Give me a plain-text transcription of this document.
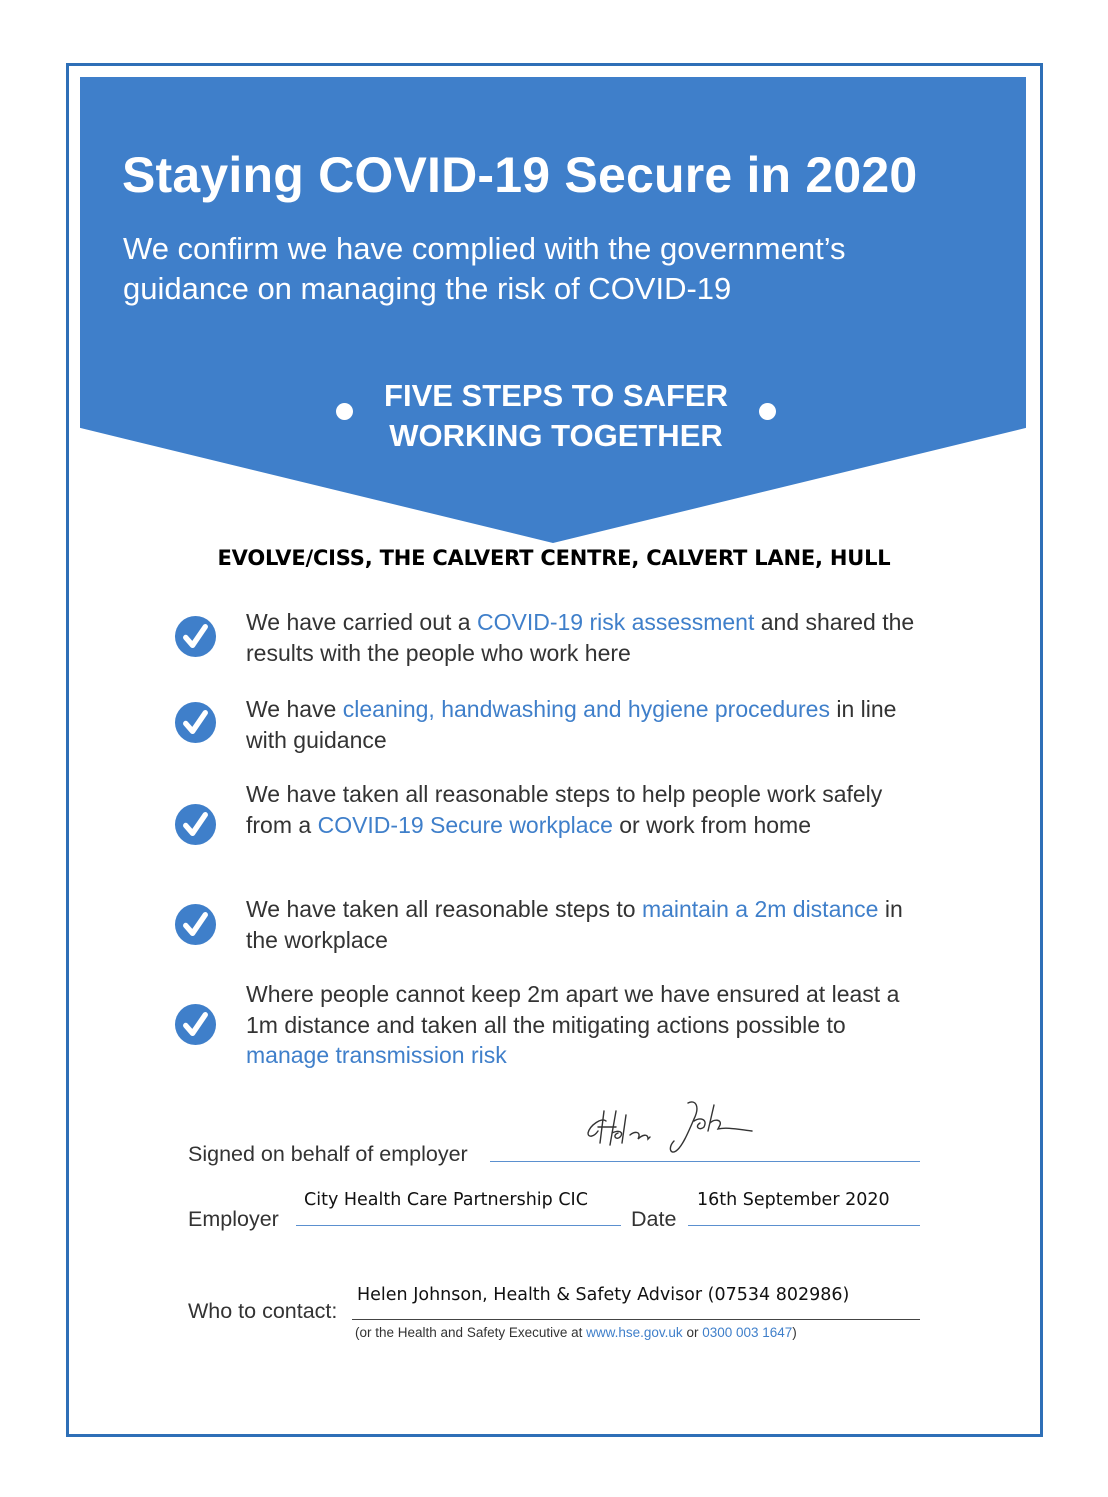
Staying COVID-19 Secure in 2020

We confirm we have complied with the government’s guidance on managing the risk of COVID-19

FIVE STEPS TO SAFER
WORKING TOGETHER
EVOLVE/CISS, THE CALVERT CENTRE, CALVERT LANE, HULL
We have carried out a COVID-19 risk assessment and shared the results with the people who work here
We have cleaning, handwashing and hygiene procedures in line with guidance
We have taken all reasonable steps to help people work safely from a COVID-19 Secure workplace or work from home
We have taken all reasonable steps to maintain a 2m distance in the workplace
Where people cannot keep 2m apart we have ensured at least a 1m distance and taken all the mitigating actions possible to manage transmission risk
Signed on behalf of employer
Employer
City Health Care Partnership CIC
Date
16th September 2020
Who to contact:
Helen Johnson, Health & Safety Advisor (07534 802986)
(or the Health and Safety Executive at www.hse.gov.uk or 0300 003 1647)
